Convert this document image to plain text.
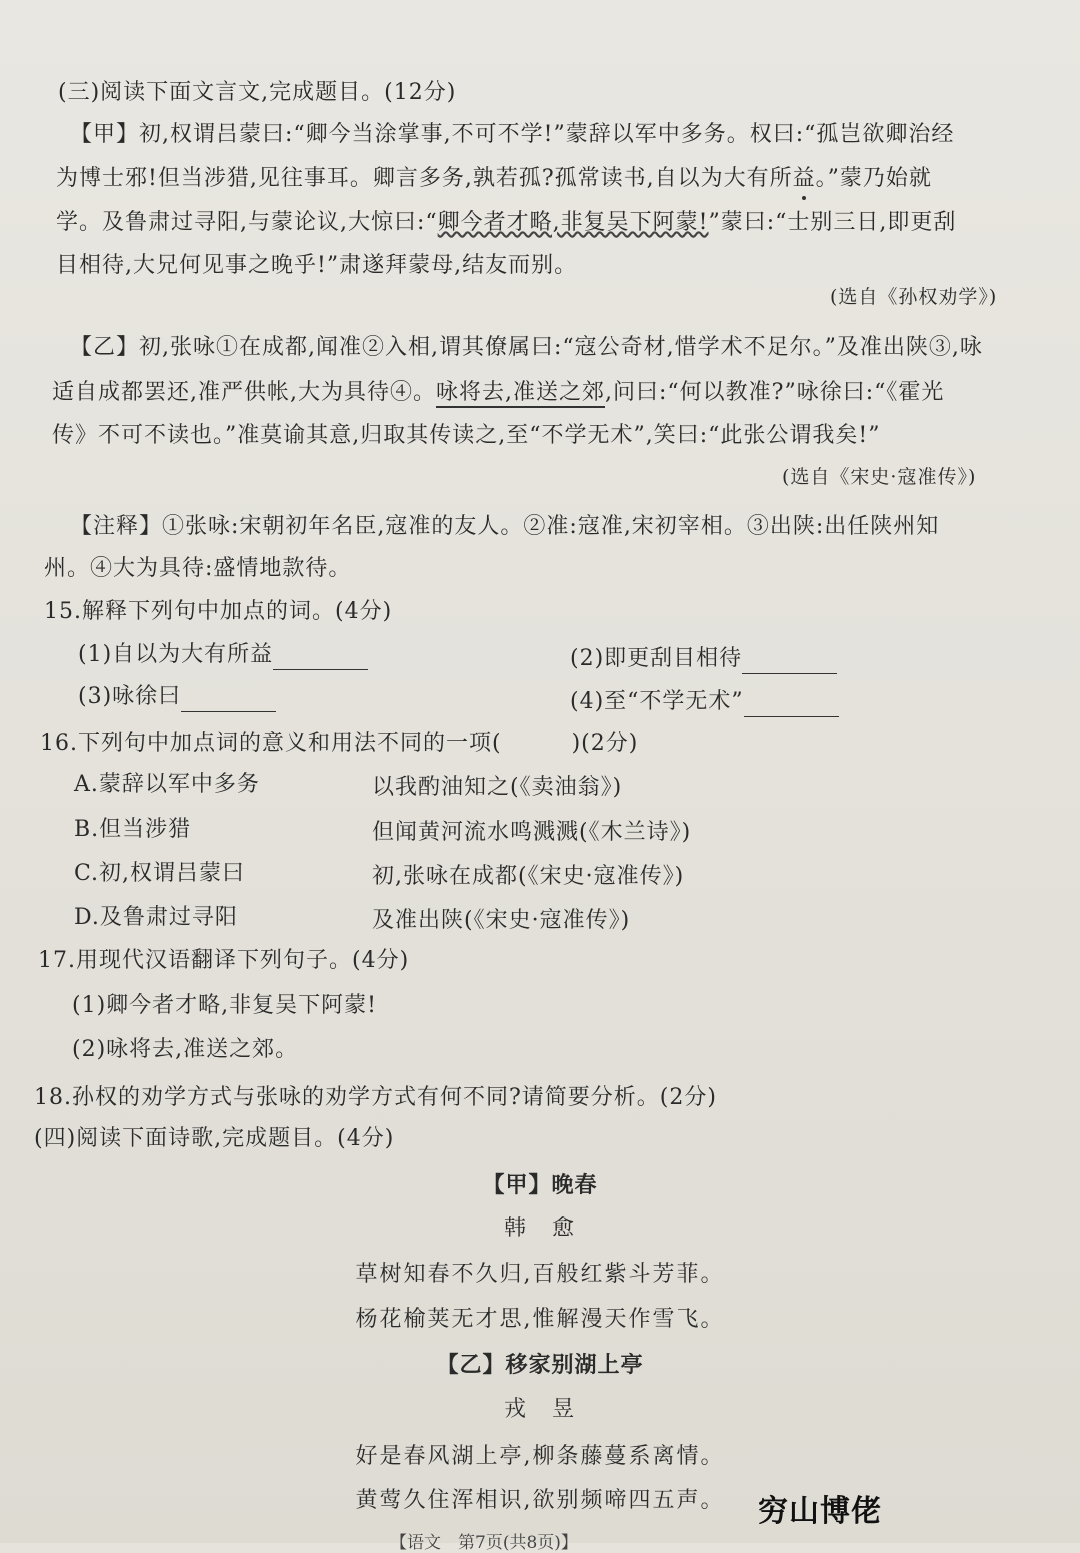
(三)阅读下面文言文,完成题目。(12分)
【甲】初,权谓吕蒙曰:“卿今当涂掌事,不可不学!”蒙辞以军中多务。权曰:“孤岂欲卿治经
为博士邪!但当涉猎,见往事耳。卿言多务,孰若孤?孤常读书,自以为大有所益。”蒙乃始就
学。及鲁肃过寻阳,与蒙论议,大惊曰:“卿今者才略,非复吴下阿蒙!”蒙曰:“士别三日,即更刮
目相待,大兄何见事之晚乎!”肃遂拜蒙母,结友而别。
(选自《孙权劝学》)
【乙】初,张咏①在成都,闻准②入相,谓其僚属曰:“寇公奇材,惜学术不足尔。”及准出陕③,咏
适自成都罢还,准严供帐,大为具待④。咏将去,准送之郊,问曰:“何以教准?”咏徐曰:“《霍光
传》不可不读也。”准莫谕其意,归取其传读之,至“不学无术”,笑曰:“此张公谓我矣!”
(选自《宋史·寇准传》)
【注释】①张咏:宋朝初年名臣,寇准的友人。②准:寇准,宋初宰相。③出陕:出任陕州知
州。④大为具待:盛情地款待。
15.解释下列句中加点的词。(4分)
(1)自以为大有所益	(2)即更刮目相待
(3)咏徐曰	(4)至“不学无术”
16.下列句中加点词的意义和用法不同的一项(	)(2分)
A.蒙辞以军中多务	以我酌油知之(《卖油翁》)
B.但当涉猎	但闻黄河流水鸣溅溅(《木兰诗》)
C.初,权谓吕蒙曰	初,张咏在成都(《宋史·寇准传》)
D.及鲁肃过寻阳	及准出陕(《宋史·寇准传》)
17.用现代汉语翻译下列句子。(4分)
(1)卿今者才略,非复吴下阿蒙!
(2)咏将去,准送之郊。
18.孙权的劝学方式与张咏的劝学方式有何不同?请简要分析。(2分)
(四)阅读下面诗歌,完成题目。(4分)
【甲】晚春
韩　愈
草树知春不久归,百般红紫斗芳菲。
杨花榆荚无才思,惟解漫天作雪飞。
【乙】移家别湖上亭
戎　昱
好是春风湖上亭,柳条藤蔓系离情。
黄莺久住浑相识,欲别频啼四五声。	穷山博佬
【语文　第7页(共8页)】
